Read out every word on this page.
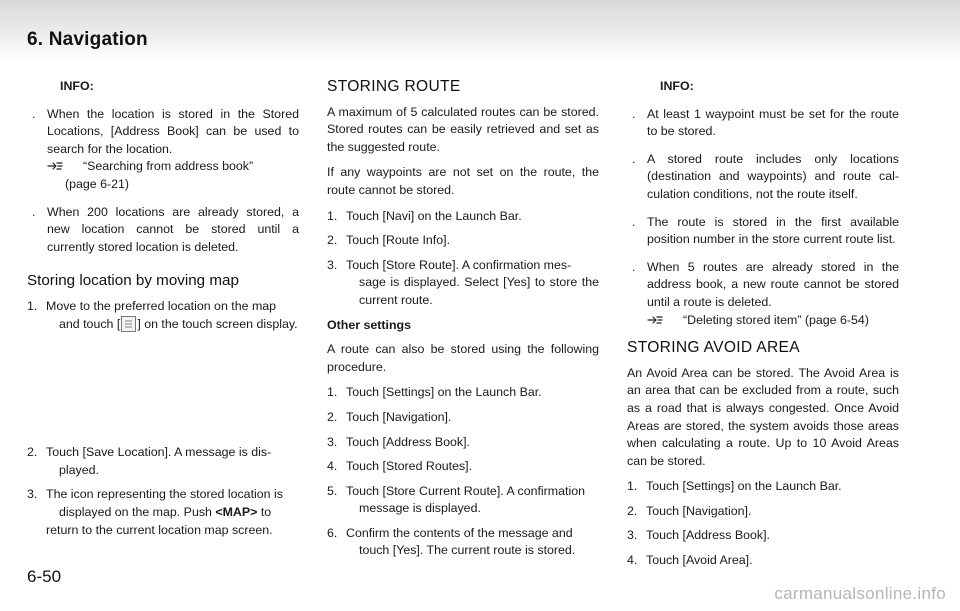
6. Navigation
INFO:
. When the location is stored in the Stored Locations, [Address Book] can be used to search for the location.
“Searching from address book”
(page 6-21)
. When 200 locations are already stored, a new location cannot be stored until a currently stored location is deleted.
Storing location by moving map
1. Move to the preferred location on the map
and touch [ ] on the touch screen display.
2. Touch [Save Location]. A message is dis-
played.
3. The icon representing the stored location is
displayed on the map. Push <MAP> to
return to the current location map screen.
STORING ROUTE
A maximum of 5 calculated routes can be stored. Stored routes can be easily retrieved and set as the suggested route.
If any waypoints are not set on the route, the route cannot be stored.
1. Touch [Navi] on the Launch Bar.
2. Touch [Route Info].
3. Touch [Store Route]. A confirmation mes-
sage is displayed. Select [Yes] to store the current route.
Other settings
A route can also be stored using the following procedure.
1. Touch [Settings] on the Launch Bar.
2. Touch [Navigation].
3. Touch [Address Book].
4. Touch [Stored Routes].
5. Touch [Store Current Route]. A confirmation
message is displayed.
6. Confirm the contents of the message and
touch [Yes]. The current route is stored.
INFO:
. At least 1 waypoint must be set for the route to be stored.
. A stored route includes only locations (destination and waypoints) and route cal-culation conditions, not the route itself.
. The route is stored in the first available position number in the store current route list.
. When 5 routes are already stored in the address book, a new route cannot be stored until a route is deleted.
“Deleting stored item” (page 6-54)
STORING AVOID AREA
An Avoid Area can be stored. The Avoid Area is an area that can be excluded from a route, such as a road that is always congested. Once Avoid Areas are stored, the system avoids those areas when calculating a route. Up to 10 Avoid Areas can be stored.
1. Touch [Settings] on the Launch Bar.
2. Touch [Navigation].
3. Touch [Address Book].
4. Touch [Avoid Area].
6-50
carmanualsonline.info
